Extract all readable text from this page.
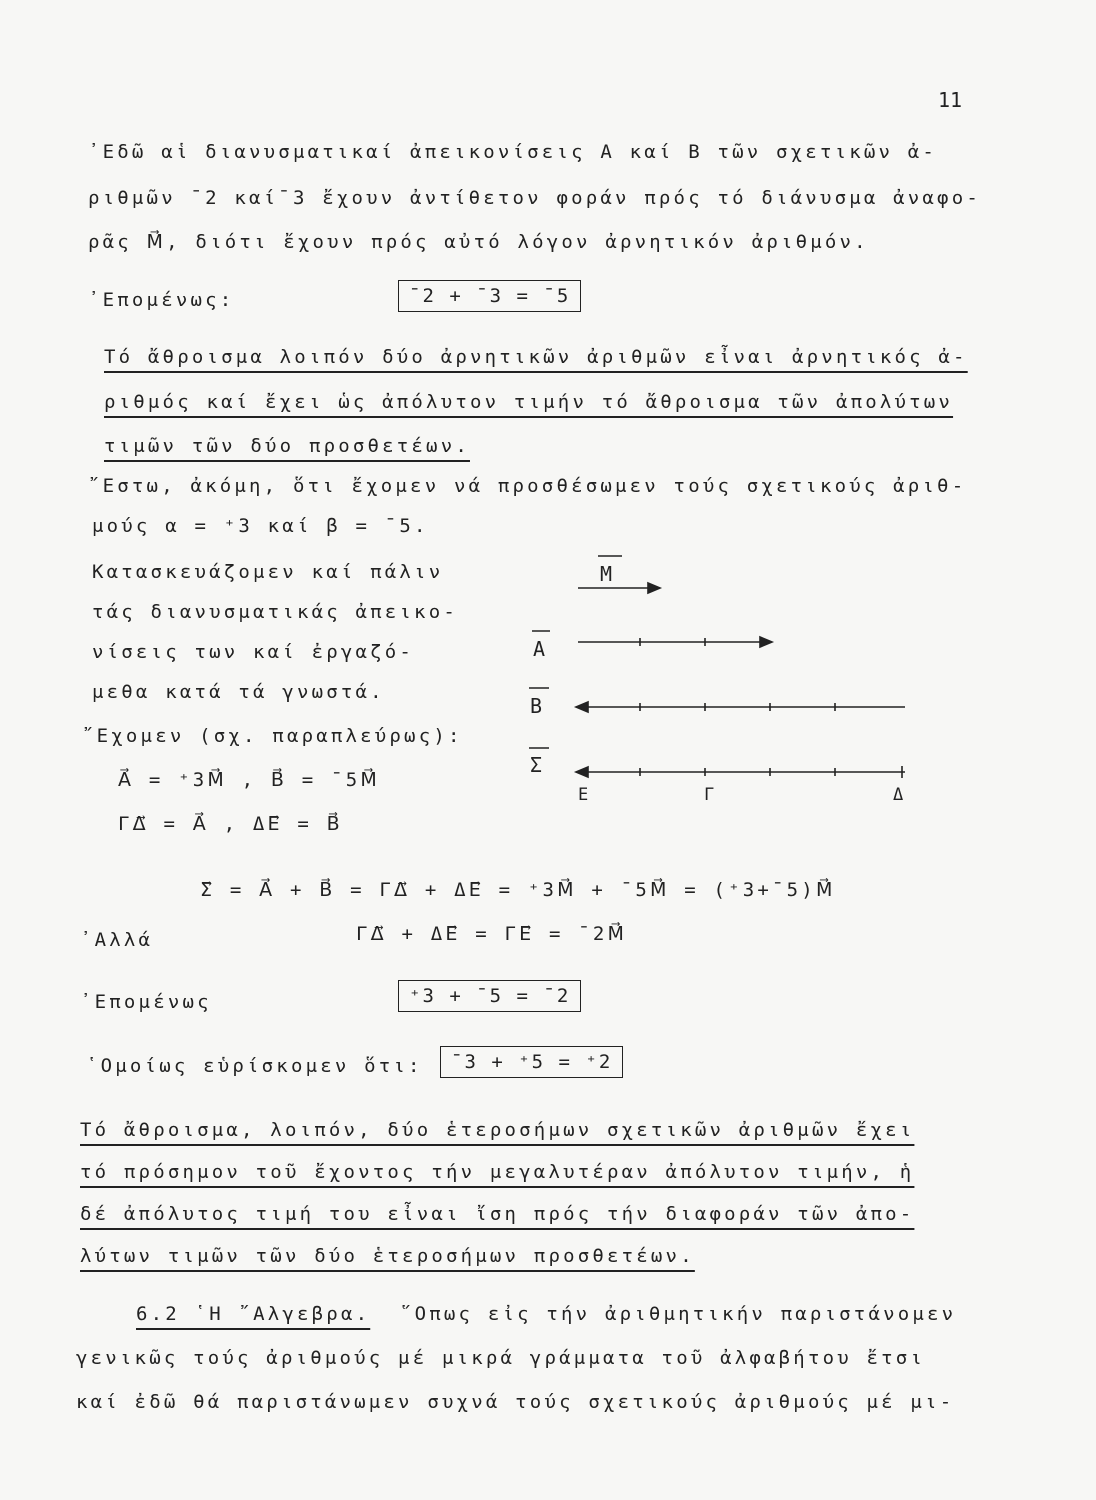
11
᾿Εδῶ αἱ διανυσματικαί ἀπεικονίσεις Α καί Β τῶν σχετικῶν ἀ-
ριθμῶν ¯2 καί¯3 ἔχουν ἀντίθετον φοράν πρός τό διάνυσμα ἀναφο-
ρᾶς M⃗, διότι ἔχουν πρός αὐτό λόγον ἀρνητικόν ἀριθμόν.
᾿Επομένως:	¯2 + ¯3 = ¯5
Τό ἄθροισμα λοιπόν δύο ἀρνητικῶν ἀριθμῶν εἶναι ἀρνητικός ἀ-
ριθμός καί ἔχει ὡς ἀπόλυτον τιμήν τό ἄθροισμα τῶν ἀπολύτων
τιμῶν τῶν δύο προσθετέων.
῎Εστω, ἀκόμη, ὅτι ἔχομεν νά προσθέσωμεν τούς σχετικούς ἀριθ-
μούς α = ⁺3 καί β = ¯5.
Κατασκευάζομεν καί πάλιν
τάς διανυσματικάς ἀπεικο-
νίσεις των καί ἐργαζό-
μεθα κατά τά γνωστά.
῎Εχομεν (σχ. παραπλεύρως):
A⃗ = ⁺3M⃗ , B⃗ = ¯5M⃗
ΓΔ⃗ = A⃗ , ΔΕ⃗ = B⃗
M
A
B
Σ
E	Γ	Δ
Σ⃗ = A⃗ + B⃗ = ΓΔ⃗ + ΔΕ⃗ = ⁺3M⃗ + ¯5M⃗ = (⁺3+¯5)M⃗
᾿Αλλά	ΓΔ⃗ + ΔΕ⃗ = ΓΕ⃗ = ¯2M⃗
᾿Επομένως	⁺3 + ¯5 = ¯2
῾Ομοίως εὑρίσκομεν ὅτι:	¯3 + ⁺5 = ⁺2
Τό ἄθροισμα, λοιπόν, δύο ἑτεροσήμων σχετικῶν ἀριθμῶν ἔχει
τό πρόσημον τοῦ ἔχοντος τήν μεγαλυτέραν ἀπόλυτον τιμήν, ἡ
δέ ἀπόλυτος τιμή του εἶναι ἴση πρός τήν διαφοράν τῶν ἀπο-
λύτων τιμῶν τῶν δύο ἑτεροσήμων προσθετέων.
6.2 ῾Η ῎Αλγεβρα. ῞Οπως εἰς τήν ἀριθμητικήν παριστάνομεν
γενικῶς τούς ἀριθμούς μέ μικρά γράμματα τοῦ ἀλφαβήτου ἔτσι
καί ἐδῶ θά παριστάνωμεν συχνά τούς σχετικούς ἀριθμούς μέ μι-
